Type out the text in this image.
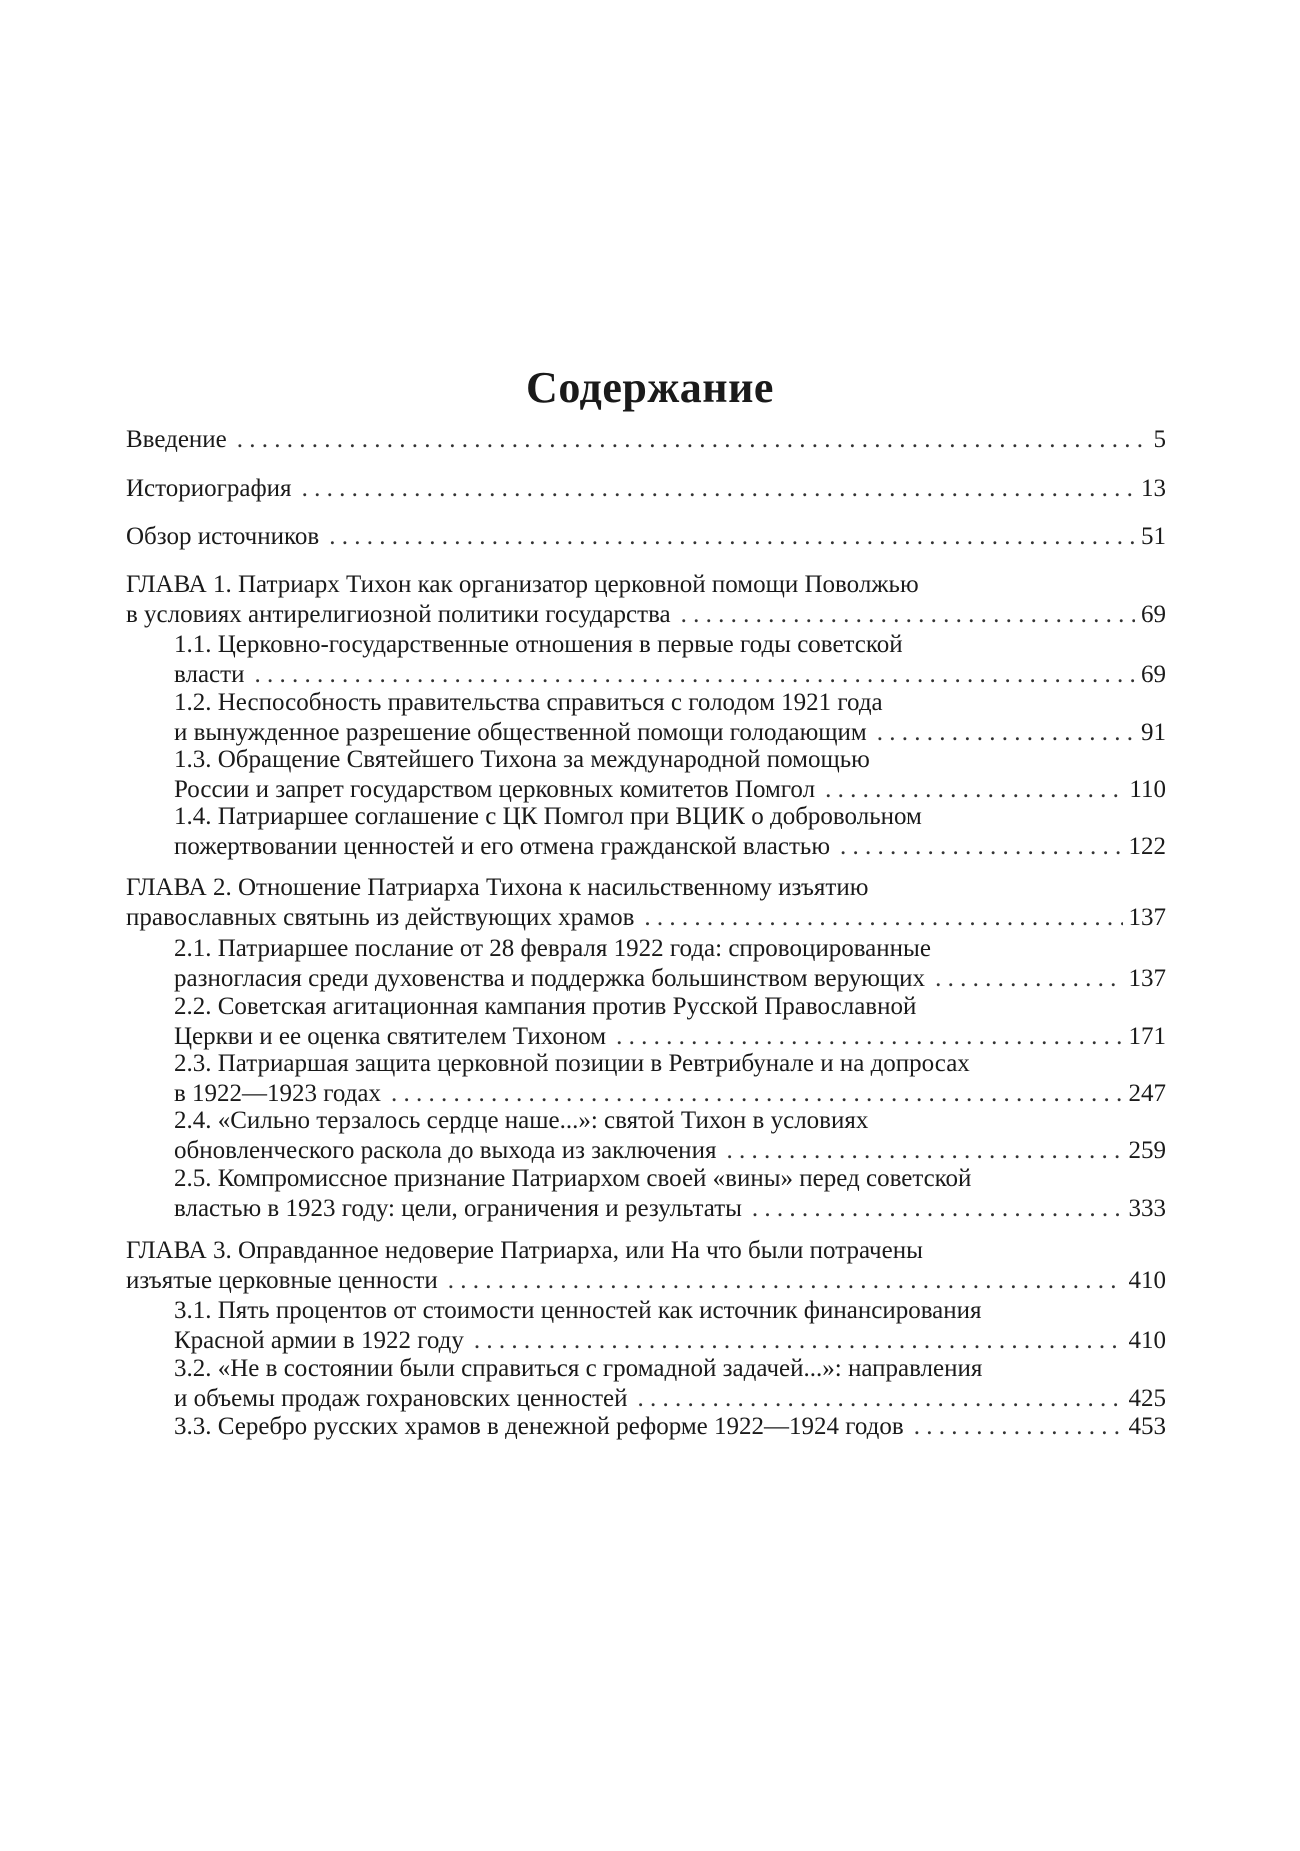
Содержание
Введение . . .	5
Историография . . .	13
Обзор источников . . .	51
ГЛАВА 1. Патриарх Тихон как организатор церковной помощи Поволжью
в условиях антирелигиозной политики государства . . .	69
1.1. Церковно-государственные отношения в первые годы советской
власти . . .	69
1.2. Неспособность правительства справиться с голодом 1921 года
и вынужденное разрешение общественной помощи голодающим . . .	91
1.3. Обращение Святейшего Тихона за международной помощью
России и запрет государством церковных комитетов Помгол . . .	110
1.4. Патриаршее соглашение с ЦК Помгол при ВЦИК о добровольном
пожертвовании ценностей и его отмена гражданской властью . . .	122
ГЛАВА 2. Отношение Патриарха Тихона к насильственному изъятию
православных святынь из действующих храмов . . .	137
2.1. Патриаршее послание от 28 февраля 1922 года: спровоцированные
разногласия среди духовенства и поддержка большинством верующих . . .	137
2.2. Советская агитационная кампания против Русской Православной
Церкви и ее оценка святителем Тихоном . . .	171
2.3. Патриаршая защита церковной позиции в Ревтрибунале и на допросах
в 1922—1923 годах . . .	247
2.4. «Сильно терзалось сердце наше...»: святой Тихон в условиях
обновленческого раскола до выхода из заключения . . .	259
2.5. Компромиссное признание Патриархом своей «вины» перед советской
властью в 1923 году: цели, ограничения и результаты . . .	333
ГЛАВА 3. Оправданное недоверие Патриарха, или На что были потрачены
изъятые церковные ценности . . .	410
3.1. Пять процентов от стоимости ценностей как источник финансирования
Красной армии в 1922 году . . .	410
3.2. «Не в состоянии были справиться с громадной задачей...»: направления
и объемы продаж гохрановских ценностей . . .	425
3.3. Серебро русских храмов в денежной реформе 1922—1924 годов . . .	453
